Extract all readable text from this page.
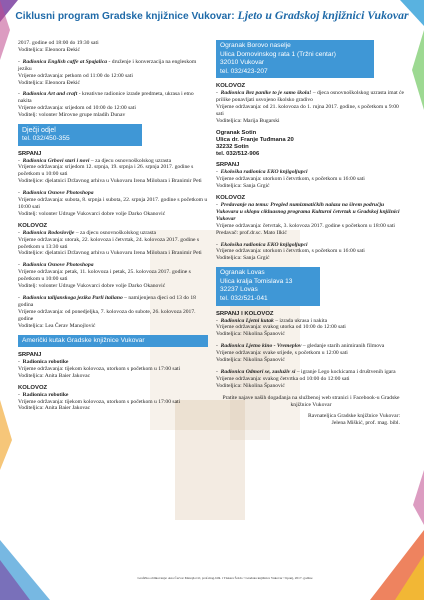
Ciklusni program Gradske knjižnice Vukovar: Ljeto u Gradskoj knjižnici Vukovar

2017. godine od 18:00 do 19:30 sati

Voditeljica: Eleonora Đekić

-  Radionica English caffe at Spajalica - druženje i konverzacija na engleskom jeziku

Vrijeme održavanja: petkom od 11:00 do 12:00 sati

Voditeljica: Eleonora Đekić

-  Radionica Art and craft - kreativne radionice izrade predmeta, ukrasa i etno nakita

Vrijeme održavanja: srijedom od 10:00 do 12:00 sati

Voditelj: volonter Mirovne grupe mladih Dunav

Dječji odjel
tel. 032/450-355

SRPANJ

-  Radionica Grbovi stari i novi – za djecu osnovnoškolskog uzrasta

Vrijeme održavanja: srijedom 12. srpnja, 19. srpnja i 26. srpnja 2017. godine s početkom u 10:00 sati

Voditeljice: djelatnici Državnog arhiva u Vukovaru Irena Milobara i Branimir Peti

-  Radionica Osnove Photoshopa

Vrijeme održavanja: subota, 8. srpnja i subota, 22. srpnja 2017. godine s početkom u 10:00 sati

Voditelj: volonter Udruge Vukovarci dobre volje Darko Okanović

KOLOVOZ

-  Radionica Rodoslovlje – za djecu osnovnoškolskog uzrasta

Vrijeme održavanja: utorak, 22. kolovoza i četvrtak, 24. kolovoza 2017. godine s početkom u 13:30 sati

Voditeljice: djelatnici Državnog arhiva u Vukovaru Irena Milobara i Branimir Peti

-  Radionica Osnove Photoshopa

Vrijeme održavanja: petak, 11. kolovoza i petak, 25. kolovoza 2017. godine s početkom u 10:00 sati

Voditelj: volonter Udruge Vukovarci dobre volje Darko Okanović

-  Radionica talijanskoga jezika Parli italiano – namijenjena djeci od 13 do 18 godina

Vrijeme održavanja: od ponedjeljka, 7. kolovoza do subote, 26. kolovoza 2017. godine

Voditeljica: Lea Čerav Manojlović

Američki kutak Gradske knjižnice Vukovar

SRPANJ

-  Radionica robotike

Vrijeme održavanja: tijekom kolovoza, utorkom s početkom u 17:00 sati

Voditeljica: Anita Baier Jakovac

KOLOVOZ

-  Radionica robotike

Vrijeme održavanja: tijekom kolovoza, utorkom s početkom u 17:00 sati

Voditeljica: Anita Baier Jakovac

Ogranak Borovo naselje
Ulica Domovinskog rata 1 (Tržni centar)
32010 Vukovar
tel. 032/423-207

KOLOVOZ

-  Radionica Bez panike to je samo škola! – djeca osnovnoškolskog uzrasta imat će prilike ponavljati usvojeno školsko gradivo

Vrijeme održavanja: od 21. kolovoza do 1. rujna 2017. godine, s početkom u 9:00 sati

Voditeljica: Marija Bugarski

Ogranak Sotin

Ulica dr. Franje Tuđmana 20

32232 Sotin

tel. 032/512-906

SRPANJ

-  Ekološka radionica EKO knjigoljupci

Vrijeme održavanja: utorkom i četvrtkom, s početkom u 16:00 sati

Voditeljica: Sanja Grgić

KOLOVOZ

-  Predavanje na temu: Pregled numizmatičkih nalaza na širem području Vukovara u sklopu cikluasnog programa Kulturni četvrtak u Gradskoj knjižnici Vukovar

Vrijeme održavanja: četvrtak, 3. kolovoza 2017. godine s početkom u 18:00 sati

Predavač: prof.dr.sc. Mato Ilkić

-  Ekološka radionica EKO knjigoljupci

Vrijeme održavanja: utorkom i četvrtkom, s početkom u 16:00 sati

Voditeljica: Sanja Grgić

Ogranak Lovas
Ulica kralja Tomislava 13
32237 Lovas
tel. 032/521-041

SRPANJ I KOLOVOZ

-  Radionica Ljetni kutak – izrada ukrasa i nakita

Vrijeme održavanja: svakog utorka od 10:00 do 12:00 sati

Voditeljica: Nikolina Španović

-  Radionica Ljetno kino - Vremeplov – gledanje starih animiranih filmova

Vrijeme održavanja: svake srijede, s početkom u 12:00 sati

Voditeljica: Nikolina Španović

-  Radionica Odmori se, zasluživ si – igranje Lego kockicama i društvenih igara

Vrijeme održavanja: svakog četvrtka od 10:00 do 12:00 sati

Voditeljica: Nikolina Španović

Pratite najave naših događanja na službenoj web stranici i Facebook-u Gradske knjižnice Vukovar

Ravnateljica Gradske knjižnice Vukovar:

Jelena Miškić, prof. mag. bibl.

Grafičko oblikovanje: Ana Červar Manojlović, prof.mag.bibl. i Tiskara Šoldo • Gradska knjižnica Vukovar • lipanj, 2017. godine
